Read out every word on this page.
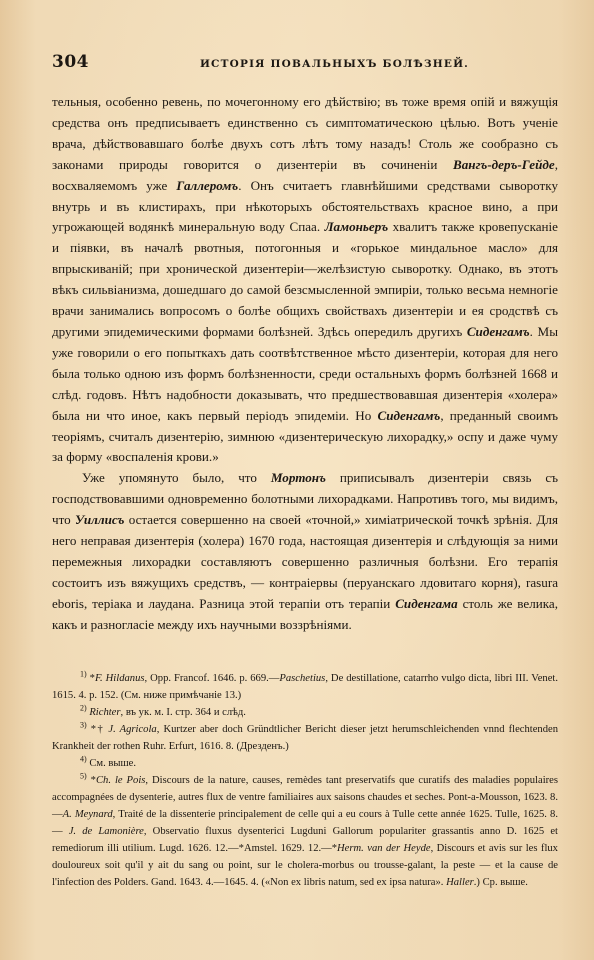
304	ИСТОРІЯ ПОВАЛЬНЫХЪ БОЛѢЗНЕЙ.

тельныя, особенно ревень, по мочегонному его дѣйствію; въ тоже время опій и вяжущія средства онъ предписываетъ единственно съ симптоматическою цѣлью. Вотъ ученіе врача, дѣйствовавшаго болѣе двухъ сотъ лѣтъ тому назадъ! Столь же сообразно съ законами природы говорится о дизентеріи въ сочиненіи Вангъ-деръ-Гейде, восхваляемомъ уже Галлеромъ. Онъ считаетъ главнѣйшими средствами сыворотку внутрь и въ клистирахъ, при нѣкоторыхъ обстоятельствахъ красное вино, а при угрожающей водянкѣ минеральную воду Спаа. Ламоньеръ хвалитъ также кровепусканіе и піявки, въ началѣ рвотныя, потогонныя и «горькое миндальное масло» для впрыскиваній; при хронической дизентеріи—желѣзистую сыворотку. Однако, въ этотъ вѣкъ сильвіанизма, дошедшаго до самой безсмысленной эмпиріи, только весьма немногіе врачи занимались вопросомъ о болѣе общихъ свойствахъ дизентеріи и ея сродствѣ съ другими эпидемическими формами болѣзней. Здѣсь опередилъ другихъ Сиденгамъ. Мы уже говорили о его попыткахъ дать соотвѣтственное мѣсто дизентеріи, которая для него была только одною изъ формъ болѣзненности, среди остальныхъ формъ болѣзней 1668 и слѣд. годовъ. Нѣтъ надобности доказывать, что предшествовавшая дизентерія «холера» была ни что иное, какъ первый періодъ эпидеміи. Но Сиденгамъ, преданный своимъ теоріямъ, считалъ дизентерію, зимнюю «дизентерическую лихорадку,» оспу и даже чуму за форму «воспаленія крови.»

Уже упомянуто было, что Мортонъ приписывалъ дизентеріи связь съ господствовавшими одновременно болотными лихорадками. Напротивъ того, мы видимъ, что Уиллисъ остается совершенно на своей «точной,» химіатрической точкѣ зрѣнія. Для него неправая дизентерія (холера) 1670 года, настоящая дизентерія и слѣдующія за ними перемежныя лихорадки составляютъ совершенно различныя болѣзни. Его терапія состоитъ изъ вяжущихъ средствъ, — контраіервы (перуанскаго лдовитаго корня), rasura eboris, теріака и лауданa. Разница этой терапіи отъ терапіи Сиденгама столь же велика, какъ и разногласіе между ихъ научными воззрѣніями.

$^{1)}$ *F. Hildanus, Opp. Francof. 1646. p. 669.—Paschetius, De destillatione, catarrho vulgo dicta, libri III. Venet. 1615. 4. p. 152. (См. ниже примѣчаніе 13.)

$^{2)}$ Richter, въ ук. м. I. стр. 364 и слѣд.

$^{3)}$ *† J. Agricola, Kurtzer aber doch Gründtlicher Bericht dieser jetzt herumschleichenden vnnd flechtenden Krankheit der rothen Ruhr. Erfurt, 1616. 8. (Дрезденъ.)

$^{4)}$ См. выше.

$^{5)}$ *Ch. le Pois, Discours de la nature, causes, remèdes tant preservatifs que curatifs des maladies populaires accompagnées de dysenterie, autres flux de ventre familiaires aux saisons chaudes et seches. Pont-a-Mousson, 1623. 8.—A. Meynard, Traité de la dissenterie principalement de celle qui a eu cours à Tulle cette année 1625. Tulle, 1625. 8. — J. de Lamonière, Observatio fluxus dysenterici Lugduni Gallorum populariter grassantis anno D. 1625 et remediorum illi utilium. Lugd. 1626. 12.—*Amstel. 1629. 12.—*Herm. van der Heyde, Discours et avis sur les flux douloureux soit qu'il y ait du sang ou point, sur le cholera-morbus ou trousse-galant, la peste — et la cause de l'infection des Polders. Gand. 1643. 4.—1645. 4. («Non ex libris natum, sed ex ipsa natura». Haller.) Ср. выше.
